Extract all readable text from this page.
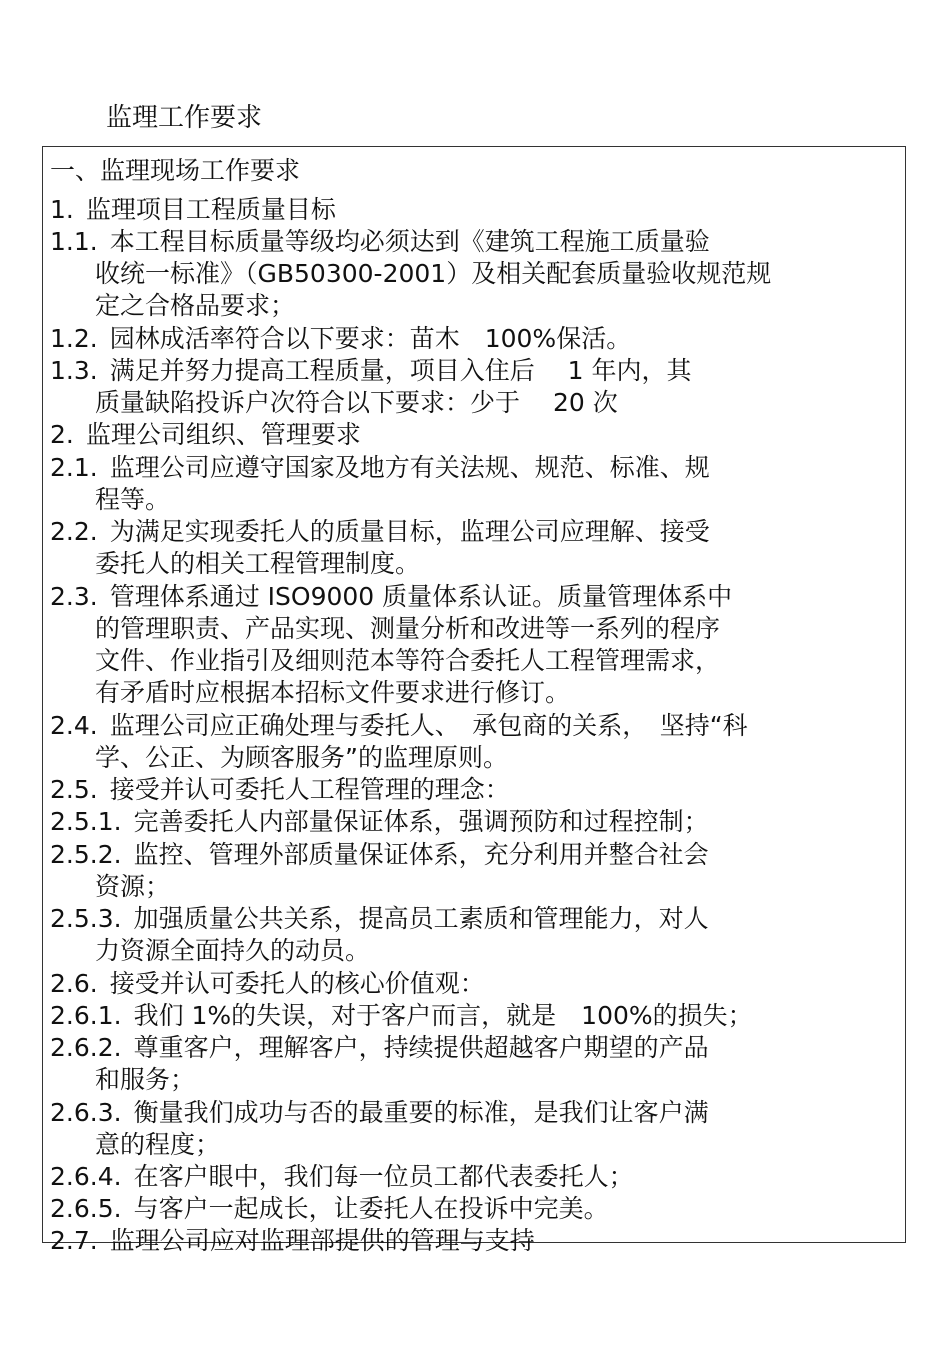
监理工作要求
一、监理现场工作要求
1. 监理项目工程质量目标
1.1. 本工程目标质量等级均必须达到《建筑工程施工质量验
收统一标准》（GB50300-2001）及相关配套质量验收规范规
定之合格品要求；
1.2. 园林成活率符合以下要求：苗木　100%保活。
1.3. 满足并努力提高工程质量，项目入住后　 1 年内，其
质量缺陷投诉户次符合以下要求：少于　 20 次
2. 监理公司组织、管理要求
2.1. 监理公司应遵守国家及地方有关法规、规范、标准、规
程等。
2.2. 为满足实现委托人的质量目标，监理公司应理解、接受
委托人的相关工程管理制度。
2.3. 管理体系通过 ISO9000 质量体系认证。质量管理体系中
的管理职责、产品实现、测量分析和改进等一系列的程序
文件、作业指引及细则范本等符合委托人工程管理需求，
有矛盾时应根据本招标文件要求进行修订。
2.4. 监理公司应正确处理与委托人、　承包商的关系，　坚持“科
学、公正、为顾客服务”的监理原则。
2.5. 接受并认可委托人工程管理的理念：
2.5.1. 完善委托人内部量保证体系，强调预防和过程控制；
2.5.2. 监控、管理外部质量保证体系，充分利用并整合社会
资源；
2.5.3. 加强质量公共关系，提高员工素质和管理能力，对人
力资源全面持久的动员。
2.6. 接受并认可委托人的核心价值观：
2.6.1. 我们 1%的失误，对于客户而言，就是　100%的损失；
2.6.2. 尊重客户，理解客户，持续提供超越客户期望的产品
和服务；
2.6.3. 衡量我们成功与否的最重要的标准，是我们让客户满
意的程度；
2.6.4. 在客户眼中，我们每一位员工都代表委托人；
2.6.5. 与客户一起成长，让委托人在投诉中完美。
2.7. 监理公司应对监理部提供的管理与支持
